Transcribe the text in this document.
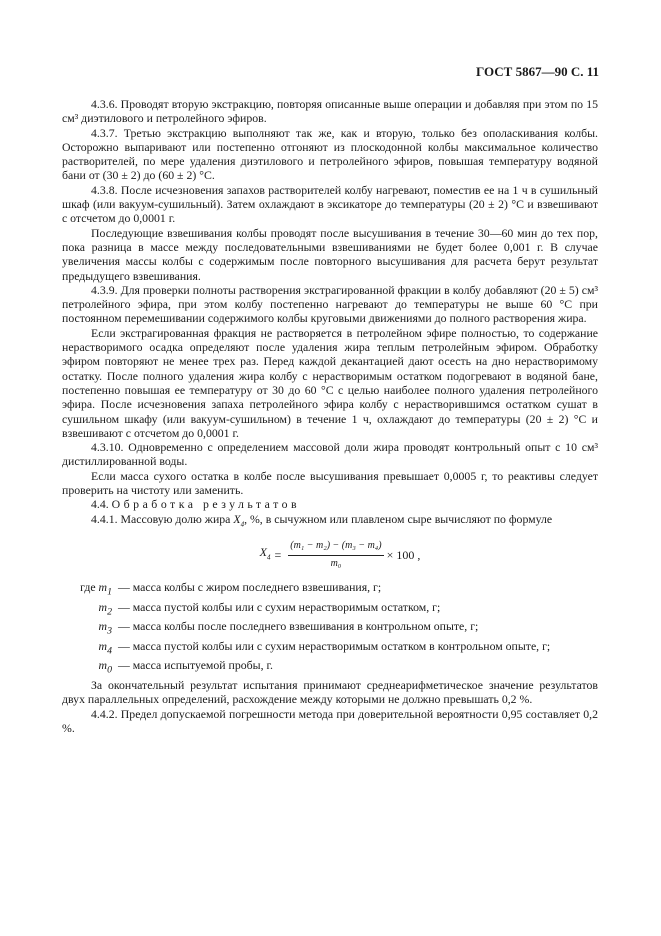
ГОСТ 5867—90 С. 11

4.3.6. Проводят вторую экстракцию, повторяя описанные выше операции и добавляя при этом по 15 см³ диэтилового и петролейного эфиров.

4.3.7. Третью экстракцию выполняют так же, как и вторую, только без ополаскивания колбы. Осторожно выпаривают или постепенно отгоняют из плоскодонной колбы максимальное количество растворителей, по мере удаления диэтилового и петролейного эфиров, повышая температуру водяной бани от (30 ± 2) до (60 ± 2) °С.

4.3.8. После исчезновения запахов растворителей колбу нагревают, поместив ее на 1 ч в сушильный шкаф (или вакуум-сушильный). Затем охлаждают в эксикаторе до температуры (20 ± 2) °С и взвешивают с отсчетом до 0,0001 г.

Последующие взвешивания колбы проводят после высушивания в течение 30—60 мин до тех пор, пока разница в массе между последовательными взвешиваниями не будет более 0,001 г. В случае увеличения массы колбы с содержимым после повторного высушивания для расчета берут результат предыдущего взвешивания.

4.3.9. Для проверки полноты растворения экстрагированной фракции в колбу добавляют (20 ± 5) см³ петролейного эфира, при этом колбу постепенно нагревают до температуры не выше 60 °С при постоянном перемешивании содержимого колбы круговыми движениями до полного растворения жира.

Если экстрагированная фракция не растворяется в петролейном эфире полностью, то содержание нерастворимого осадка определяют после удаления жира теплым петролейным эфиром. Обработку эфиром повторяют не менее трех раз. Перед каждой декантацией дают осесть на дно нерастворимому остатку. После полного удаления жира колбу с нерастворимым остатком подогревают в водяной бане, постепенно повышая ее температуру от 30 до 60 °С с целью наиболее полного удаления петролейного эфира. После исчезновения запаха петролейного эфира колбу с нерастворившимся остатком сушат в сушильном шкафу (или вакуум-сушильном) в течение 1 ч, охлаждают до температуры (20 ± 2) °С и взвешивают с отсчетом до 0,0001 г.

4.3.10. Одновременно с определением массовой доли жира проводят контрольный опыт с 10 см³ дистиллированной воды.

Если масса сухого остатка в колбе после высушивания превышает 0,0005 г, то реактивы следует проверить на чистоту или заменить.

4.4. Обработка результатов

4.4.1. Массовую долю жира $X_4$, %, в сычужном или плавленом сыре вычисляют по формуле

$X_4 = \frac{\text{(m₁ − m₂) − (m₃ − m₄)}}{\text{m₀}} \times 100$ ,
где $m_1$ — масса колбы с жиром последнего взвешивания, г;
$m_2$ — масса пустой колбы или с сухим нерастворимым остатком, г;
$m_3$ — масса колбы после последнего взвешивания в контрольном опыте, г;
$m_4$ — масса пустой колбы или с сухим нерастворимым остатком в контрольном опыте, г;
$m_0$ — масса испытуемой пробы, г.

За окончательный результат испытания принимают среднеарифметическое значение результатов двух параллельных определений, расхождение между которыми не должно превышать 0,2 %.

4.4.2. Предел допускаемой погрешности метода при доверительной вероятности 0,95 составляет 0,2 %.
